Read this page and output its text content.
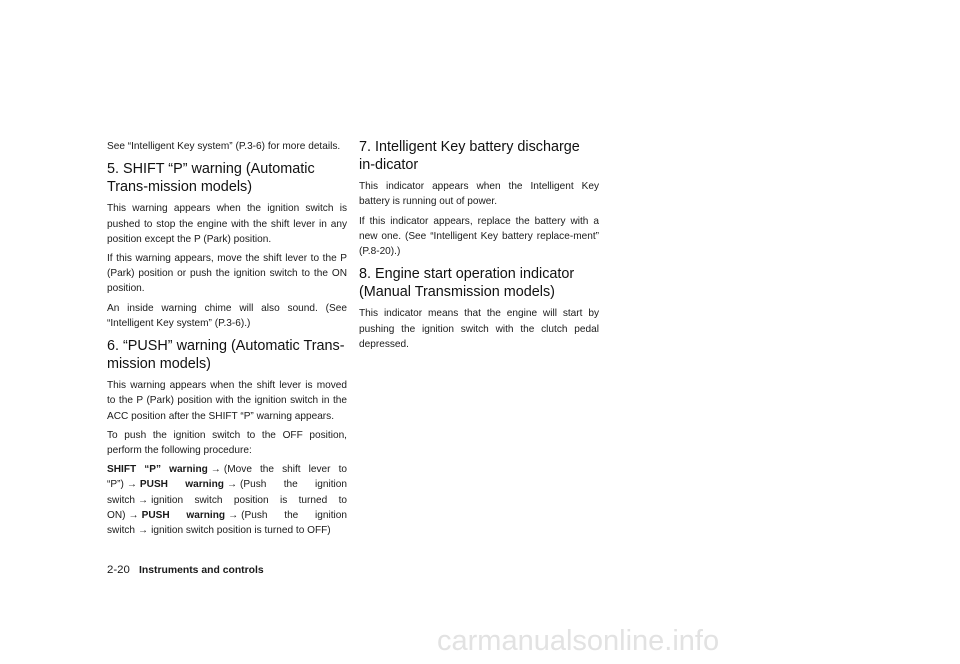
See “Intelligent Key system” (P.3-6) for more details.

5. SHIFT “P” warning (Automatic Trans-mission models)

This warning appears when the ignition switch is pushed to stop the engine with the shift lever in any position except the P (Park) position.

If this warning appears, move the shift lever to the P (Park) position or push the ignition switch to the ON position.

An inside warning chime will also sound. (See “Intelligent Key system” (P.3-6).)

6. “PUSH” warning (Automatic Trans-mission models)

This warning appears when the shift lever is moved to the P (Park) position with the ignition switch in the ACC position after the SHIFT “P” warning appears.

To push the ignition switch to the OFF position, perform the following procedure:

SHIFT “P” warning → (Move the shift lever to “P”) → PUSH warning → (Push the ignition switch → ignition switch position is turned to ON) → PUSH warning → (Push the ignition switch → ignition switch position is turned to OFF)

7. Intelligent Key battery discharge in-dicator

This indicator appears when the Intelligent Key battery is running out of power.

If this indicator appears, replace the battery with a new one. (See “Intelligent Key battery replace-ment” (P.8-20).)

8. Engine start operation indicator (Manual Transmission models)

This indicator means that the engine will start by pushing the ignition switch with the clutch pedal depressed.

2-20 Instruments and controls
carmanualsonline.info
